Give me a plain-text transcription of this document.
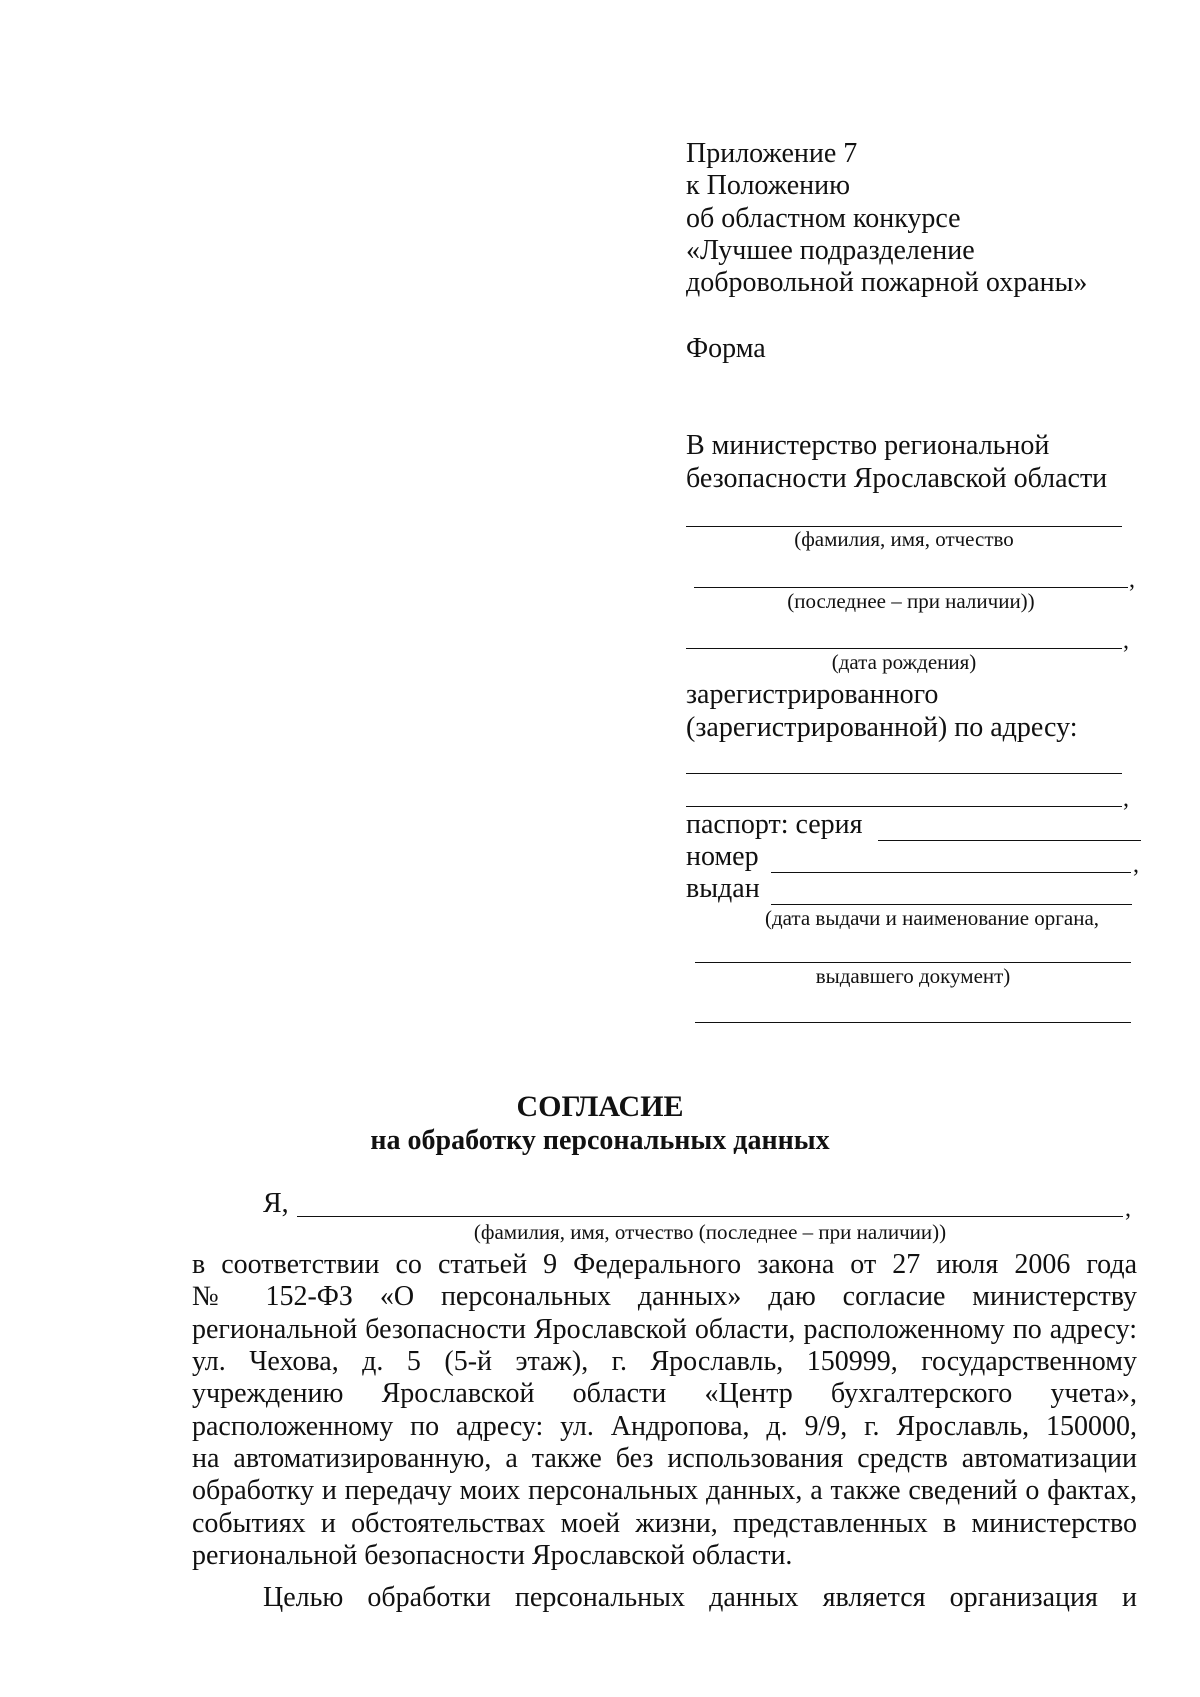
Приложение 7
к Положению
об областном конкурсе
«Лучшее подразделение
добровольной пожарной охраны»
Форма
В министерство региональной
безопасности Ярославской области
(фамилия, имя, отчество
,
(последнее – при наличии))
,
(дата рождения)
зарегистрированного
(зарегистрированной) по адресу:
,
паспорт: серия
номер	,
выдан
(дата выдачи и наименование органа,
выдавшего документ)
СОГЛАСИЕ
на обработку персональных данных
Я,	,
(фамилия, имя, отчество (последнее – при наличии))
в соответствии со статьей 9 Федерального закона от 27 июля 2006 года
№ 152-ФЗ «О персональных данных» даю согласие министерству
региональной безопасности Ярославской области, расположенному по адресу:
ул. Чехова, д. 5 (5-й этаж), г. Ярославль, 150999, государственному
учреждению Ярославской области «Центр бухгалтерского учета»,
расположенному по адресу: ул. Андропова, д. 9/9, г. Ярославль, 150000,
на автоматизированную, а также без использования средств автоматизации
обработку и передачу моих персональных данных, а также сведений о фактах,
событиях и обстоятельствах моей жизни, представленных в министерство
региональной безопасности Ярославской области.
Целью обработки персональных данных является организация и
